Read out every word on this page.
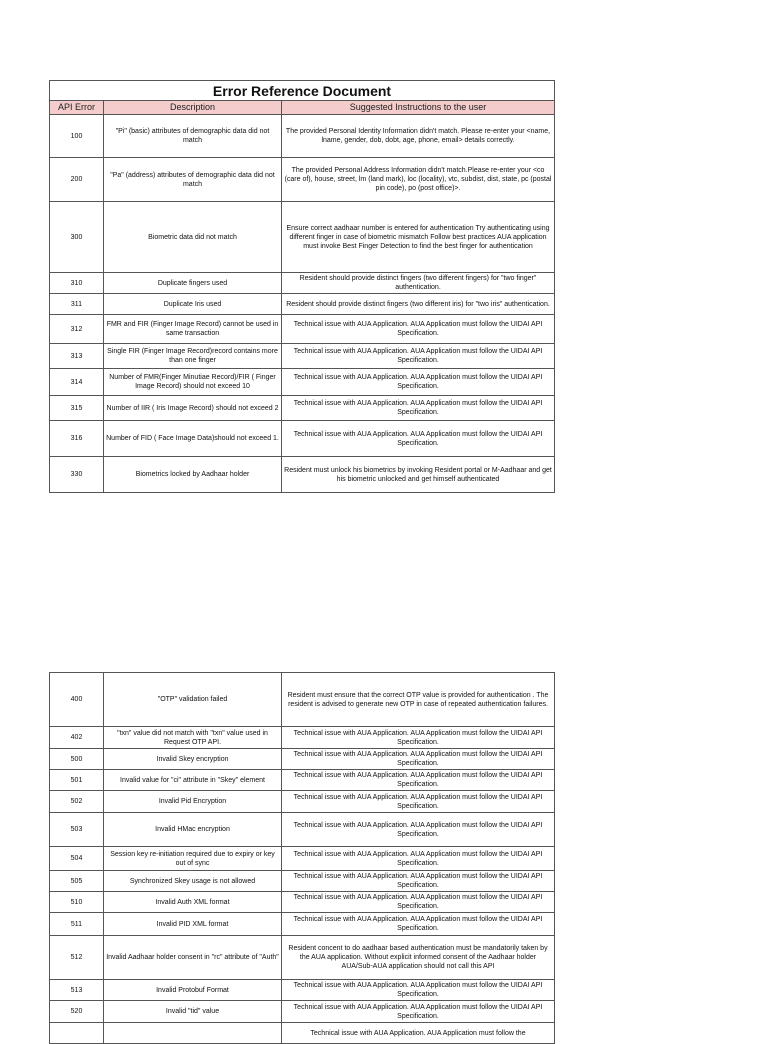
Error Reference Document		
API Error	Description	Suggested Instructions to the user
100	"Pi" (basic) attributes of demographic data did not match	The provided Personal Identity Information didn't match. Please re-enter your <name, lname, gender, dob, dobt, age, phone, email> details correctly.
200	"Pa" (address) attributes of demographic data did not match	The provided Personal Address Information didn't match.Please re-enter your <co (care of), house, street, lm (land mark), loc (locality), vtc, subdist, dist, state, pc (postal pin code), po (post office)>.
300	Biometric data did not match	Ensure correct aadhaar number is entered for authentication Try authenticating using different finger in case of biometric mismatch Follow best practices AUA application must invoke Best Finger Detection to find the best finger for authentication
310	Duplicate fingers used	Resident should provide distinct fingers (two different fingers) for "two finger" authentication.
311	Duplicate Iris used	Resident should provide distinct fingers (two different iris) for "two iris" authentication.
312	FMR and FIR (Finger Image Record) cannot be used in same transaction	Technical issue with AUA Application. AUA Application must follow the UIDAI API Specification.
313	Single FIR (Finger Image Record)record contains more than one finger	Technical issue with AUA Application. AUA Application must follow the UIDAI API Specification.
314	Number of FMR(Finger Minutiae Record)/FIR ( Finger Image Record) should not exceed 10	Technical issue with AUA Application. AUA Application must follow the UIDAI API Specification.
315	Number of IIR ( Iris Image Record) should not exceed 2	Technical issue with AUA Application. AUA Application must follow the UIDAI API Specification.
316	Number of FID ( Face Image Data)should not exceed 1.	Technical issue with AUA Application. AUA Application must follow the UIDAI API Specification.
330	Biometrics locked by Aadhaar holder	Resident must unlock his biometrics by invoking Resident portal or M-Aadhaar and get his biometric unlocked and get himself authenticated
400	"OTP" validation failed	Resident must ensure that the correct OTP value is provided for authentication . The resident is advised to generate new OTP in case of repeated authentication failures.
402	"txn" value did not match with "txn" value used in Request OTP API.	Technical issue with AUA Application. AUA Application must follow the UIDAI API Specification.
500	Invalid Skey encryption	Technical issue with AUA Application. AUA Application must follow the UIDAI API Specification.
501	Invalid value for "ci" attribute in "Skey" element	Technical issue with AUA Application. AUA Application must follow the UIDAI API Specification.
502	Invalid Pid Encryption	Technical issue with AUA Application. AUA Application must follow the UIDAI API Specification.
503	Invalid HMac encryption	Technical issue with AUA Application. AUA Application must follow the UIDAI API Specification.
504	Session key re-initiation required due to expiry or key out of sync	Technical issue with AUA Application. AUA Application must follow the UIDAI API Specification.
505	Synchronized Skey usage is not allowed	Technical issue with AUA Application. AUA Application must follow the UIDAI API Specification.
510	Invalid Auth XML format	Technical issue with AUA Application. AUA Application must follow the UIDAI API Specification.
511	Invalid PID XML format	Technical issue with AUA Application. AUA Application must follow the UIDAI API Specification.
512	Invalid Aadhaar holder consent in "rc" attribute of "Auth"	Resident concent to do aadhaar based authentication must be mandatorily taken by the AUA application. Without explicit informed consent of the Aadhaar holder AUA/Sub-AUA application should not call this API
513	Invalid Protobuf Format	Technical issue with AUA Application. AUA Application must follow the UIDAI API Specification.
520	Invalid "tid" value	Technical issue with AUA Application. AUA Application must follow the UIDAI API Specification.
		Technical issue with AUA Application. AUA Application must follow the
